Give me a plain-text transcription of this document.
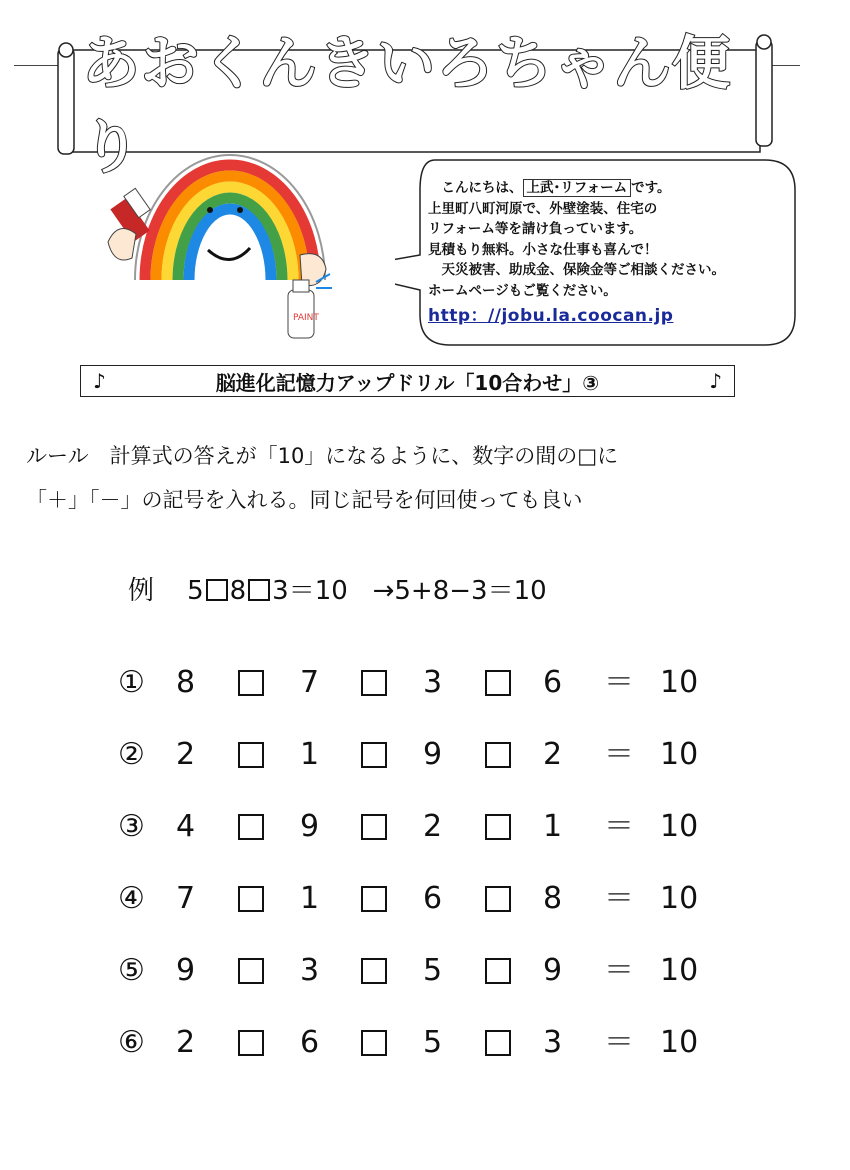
あおくんきいろちゃん便り
PAINT
　こんにちは、 上武･リフォーム です。
上里町八町河原で、外壁塗装、住宅の
リフォーム等を請け負っています。
見積もり無料。小さな仕事も喜んで！
　天災被害、助成金、保険金等ご相談ください。
ホームページもご覧ください。
http：//jobu.la.coocan.jp
♪	脳進化記憶力アップドリル「10合わせ」③	♪
ルール　計算式の答えが「10」になるように、数字の間の□に
「＋」「－」の記号を入れる。同じ記号を何回使っても良い
例 5 8 3＝10 →5+8−3＝10
① 8	7	3	6 ＝ 10
② 2	1	9	2 ＝ 10
③ 4	9	2	1 ＝ 10
④ 7	1	6	8 ＝ 10
⑤ 9	3	5	9 ＝ 10
⑥ 2	6	5	3 ＝ 10
